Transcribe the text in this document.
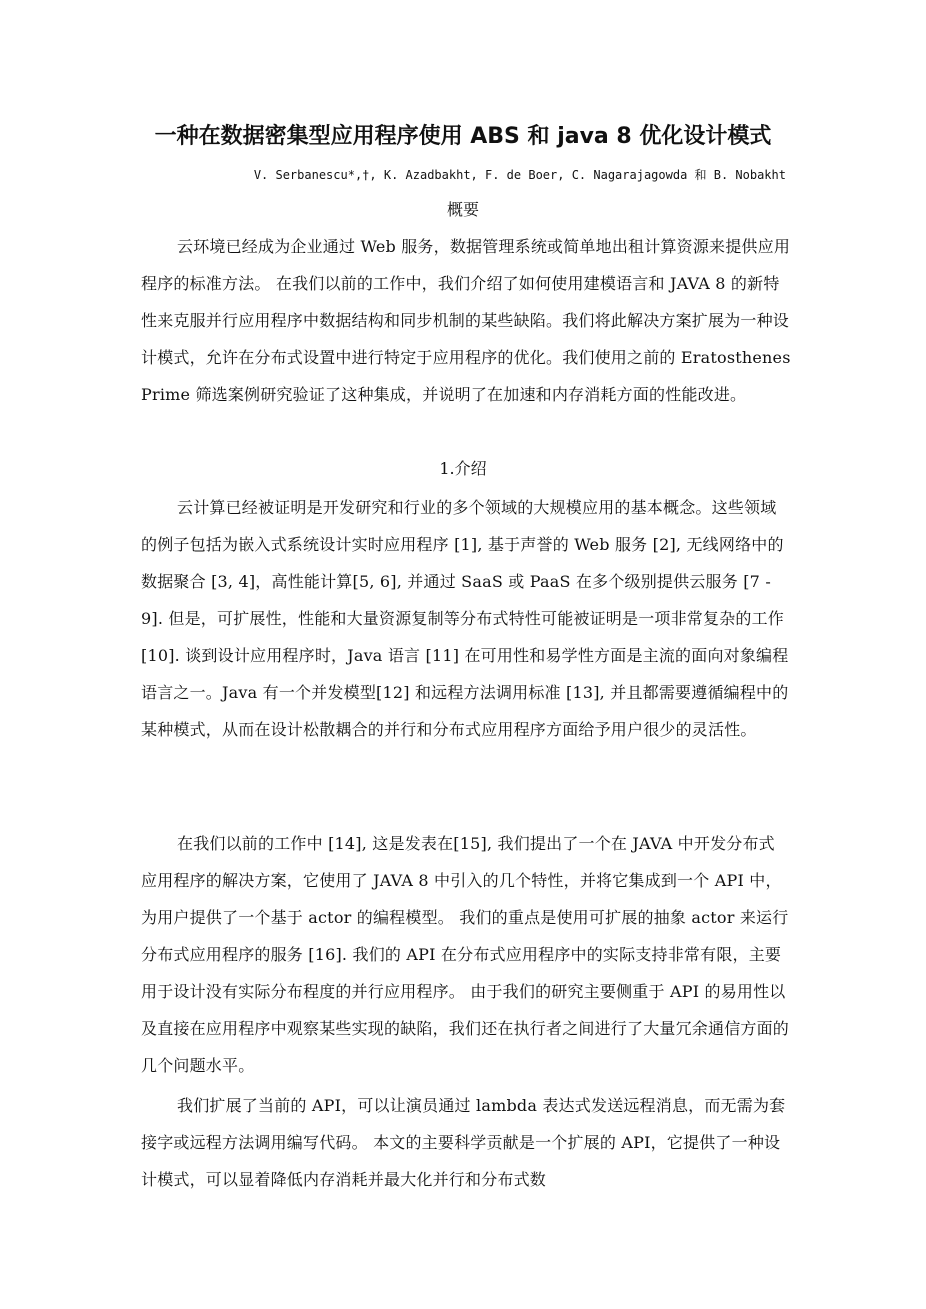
一种在数据密集型应用程序使用 ABS 和 java 8 优化设计模式
V. Serbanescu*,†, K. Azadbakht, F. de Boer, C. Nagarajagowda 和 B. Nobakht
概要
云环境已经成为企业通过 Web 服务，数据管理系统或简单地出租计算资源来提供应用程序的标准方法。 在我们以前的工作中，我们介绍了如何使用建模语言和 JAVA 8 的新特性来克服并行应用程序中数据结构和同步机制的某些缺陷。我们将此解决方案扩展为一种设计模式，允许在分布式设置中进行特定于应用程序的优化。我们使用之前的 Eratosthenes Prime 筛选案例研究验证了这种集成，并说明了在加速和内存消耗方面的性能改进。
1.介绍
云计算已经被证明是开发研究和行业的多个领域的大规模应用的基本概念。这些领域的例子包括为嵌入式系统设计实时应用程序 [1], 基于声誉的 Web 服务 [2], 无线网络中的数据聚合 [3, 4]，高性能计算[5, 6], 并通过 SaaS 或 PaaS 在多个级别提供云服务 [7 - 9]. 但是，可扩展性，性能和大量资源复制等分布式特性可能被证明是一项非常复杂的工作 [10]. 谈到设计应用程序时，Java 语言 [11] 在可用性和易学性方面是主流的面向对象编程语言之一。Java 有一个并发模型[12] 和远程方法调用标准 [13], 并且都需要遵循编程中的某种模式，从而在设计松散耦合的并行和分布式应用程序方面给予用户很少的灵活性。
在我们以前的工作中 [14], 这是发表在[15], 我们提出了一个在 JAVA 中开发分布式应用程序的解决方案，它使用了 JAVA 8 中引入的几个特性，并将它集成到一个 API 中，为用户提供了一个基于 actor 的编程模型。 我们的重点是使用可扩展的抽象 actor 来运行分布式应用程序的服务 [16]. 我们的 API 在分布式应用程序中的实际支持非常有限，主要用于设计没有实际分布程度的并行应用程序。 由于我们的研究主要侧重于 API 的易用性以及直接在应用程序中观察某些实现的缺陷，我们还在执行者之间进行了大量冗余通信方面的几个问题水平。
我们扩展了当前的 API，可以让演员通过 lambda 表达式发送远程消息，而无需为套接字或远程方法调用编写代码。 本文的主要科学贡献是一个扩展的 API，它提供了一种设计模式，可以显着降低内存消耗并最大化并行和分布式数
